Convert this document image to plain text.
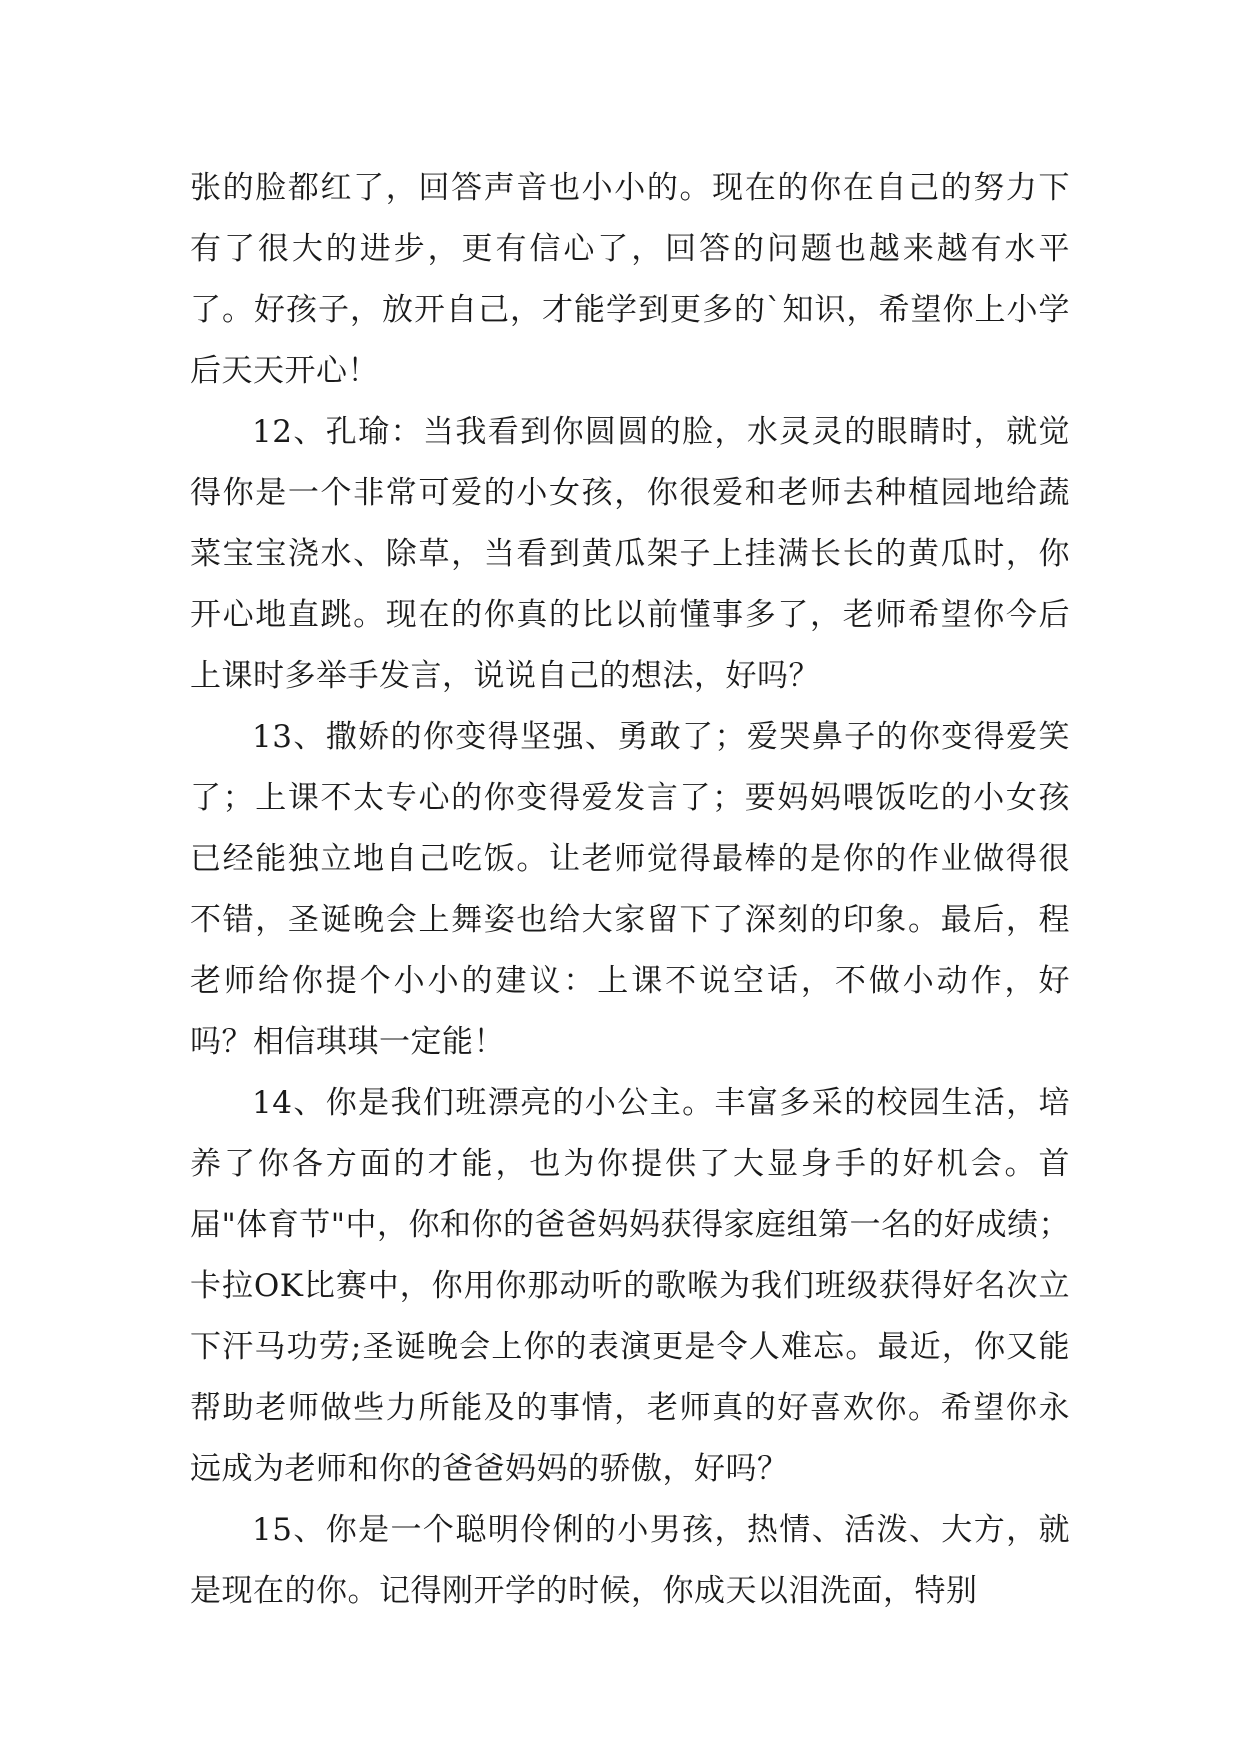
张的脸都红了，回答声音也小小的。现在的你在自己的努力下有了很大的进步，更有信心了，回答的问题也越来越有水平了。好孩子，放开自己，才能学到更多的`知识，希望你上小学后天天开心！

12、孔瑜：当我看到你圆圆的脸，水灵灵的眼睛时，就觉得你是一个非常可爱的小女孩，你很爱和老师去种植园地给蔬菜宝宝浇水、除草，当看到黄瓜架子上挂满长长的黄瓜时，你开心地直跳。现在的你真的比以前懂事多了，老师希望你今后上课时多举手发言，说说自己的想法，好吗？

13、撒娇的你变得坚强、勇敢了；爱哭鼻子的你变得爱笑了；上课不太专心的你变得爱发言了；要妈妈喂饭吃的小女孩已经能独立地自己吃饭。让老师觉得最棒的是你的作业做得很不错，圣诞晚会上舞姿也给大家留下了深刻的印象。最后，程老师给你提个小小的建议：上课不说空话，不做小动作，好吗？相信琪琪一定能！

14、你是我们班漂亮的小公主。丰富多采的校园生活，培养了你各方面的才能，也为你提供了大显身手的好机会。首届"体育节"中，你和你的爸爸妈妈获得家庭组第一名的好成绩；卡拉OK比赛中，你用你那动听的歌喉为我们班级获得好名次立下汗马功劳;圣诞晚会上你的表演更是令人难忘。最近，你又能帮助老师做些力所能及的事情，老师真的好喜欢你。希望你永远成为老师和你的爸爸妈妈的骄傲，好吗？

15、你是一个聪明伶俐的小男孩，热情、活泼、大方，就是现在的你。记得刚开学的时候，你成天以泪洗面，特别
